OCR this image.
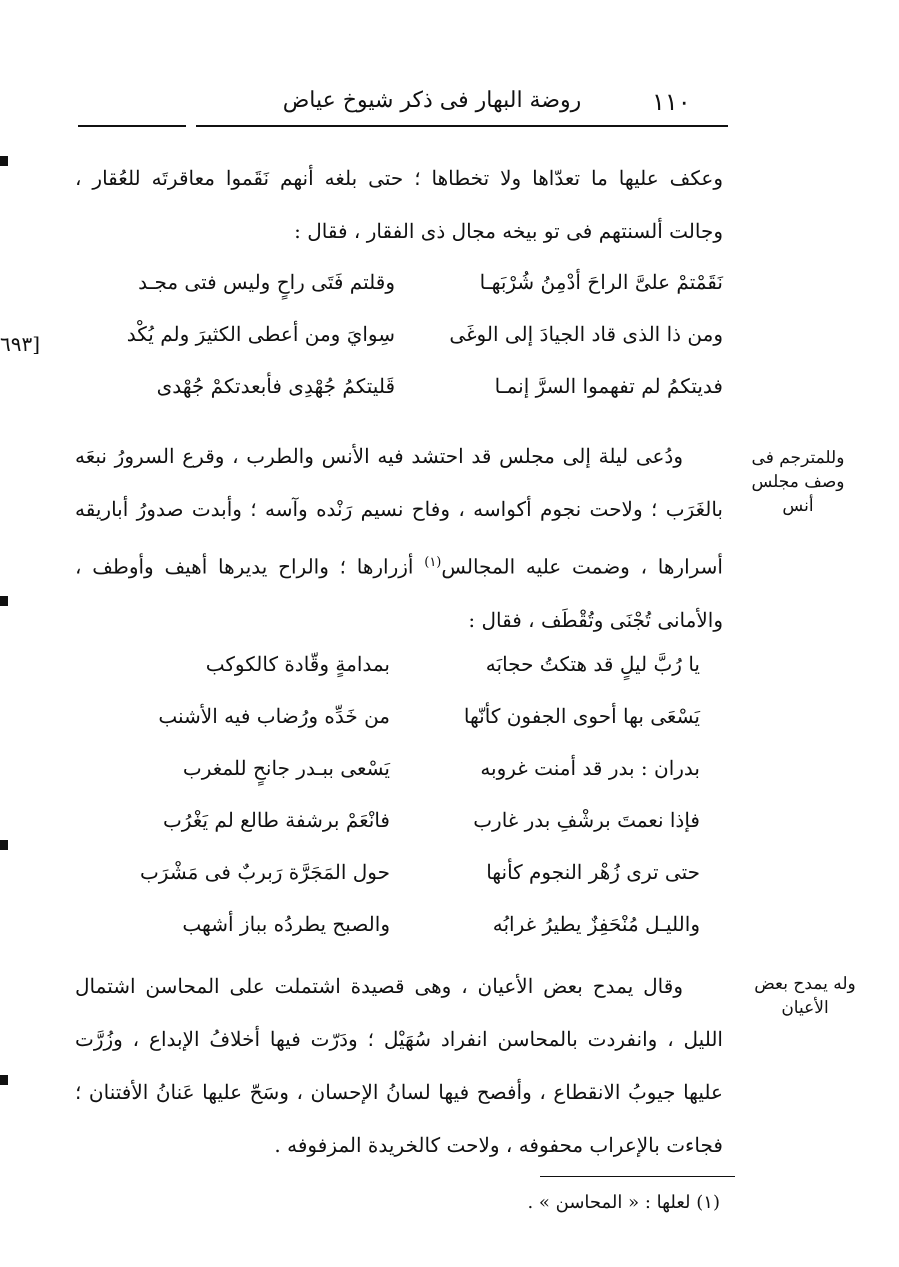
١١٠
روضة البهار فى ذكر شيوخ عياض

وعكف عليها ما تعدّاها ولا تخطاها ؛ حتى بلغه أنهم نَقَموا معاقرتَه للعُقار ، وجالت ألسنتهم فى تو بيخه مجال ذى الفقار ، فقال :

نَقَمْتمْ علىَّ الراحَ أدْمِنُ شُرْبَهـا
وقلتم فَتَى راحٍ وليس فتى مجـد
ومن ذا الذى قاد الجيادَ إلى الوغَى
سِوايَ ومن أعطى الكثيرَ ولم يُكْد
فديتكمُ لم تفهموا السرَّ إنمـا
قَليتكمُ جُهْدِى فأبعدتكمْ جُهْدى
[٦٩٣
وللمترجم فى وصف مجلس أنس

ودُعى ليلة إلى مجلس قد احتشد فيه الأنس والطرب ، وقرع السرورُ نبعَه بالغَرَب ؛ ولاحت نجوم أكواسه ، وفاح نسيم رَنْده وآسه ؛ وأبدت صدورُ أباريقه أسرارها ، وضمت عليه المجالس$^{(١)}$ أزرارها ؛ والراح يديرها أهيف وأوطف ، والأمانى تُجْنَى وتُقْطَف ، فقال :

يا رُبَّ ليلٍ قد هتكتُ حجابَه
بمدامةٍ وقّادة كالكوكب
يَسْعَى بها أحوى الجفون كأنّها
من خَدِّه ورُضاب فيه الأشنب
بدران : بدر قد أمنت غروبه
يَسْعى ببـدر جانحٍ للمغرب
فإذا نعمتَ برشْفِ بدر غارب
فانْعَمْ برشفة طالع لم يَغْرُب
حتى ترى زُهْر النجوم كأنها
حول المَجَرَّة رَبربٌ فى مَشْرَب
والليـل مُنْحَفِزٌ يطيرُ غرابُه
والصبح يطردُه بباز أشهب
وله يمدح بعض الأعيان

وقال يمدح بعض الأعيان ، وهى قصيدة اشتملت على المحاسن اشتمال الليل ، وانفردت بالمحاسن انفراد سُهَيْل ؛ ودَرّت فيها أخلافُ الإبداع ، وزُرَّت عليها جيوبُ الانقطاع ، وأفصح فيها لسانُ الإحسان ، وسَحّ عليها عَنانُ الأفتنان ؛ فجاءت بالإعراب محفوفه ، ولاحت كالخريدة المزفوفه .

(١) لعلها : « المحاسن » .
